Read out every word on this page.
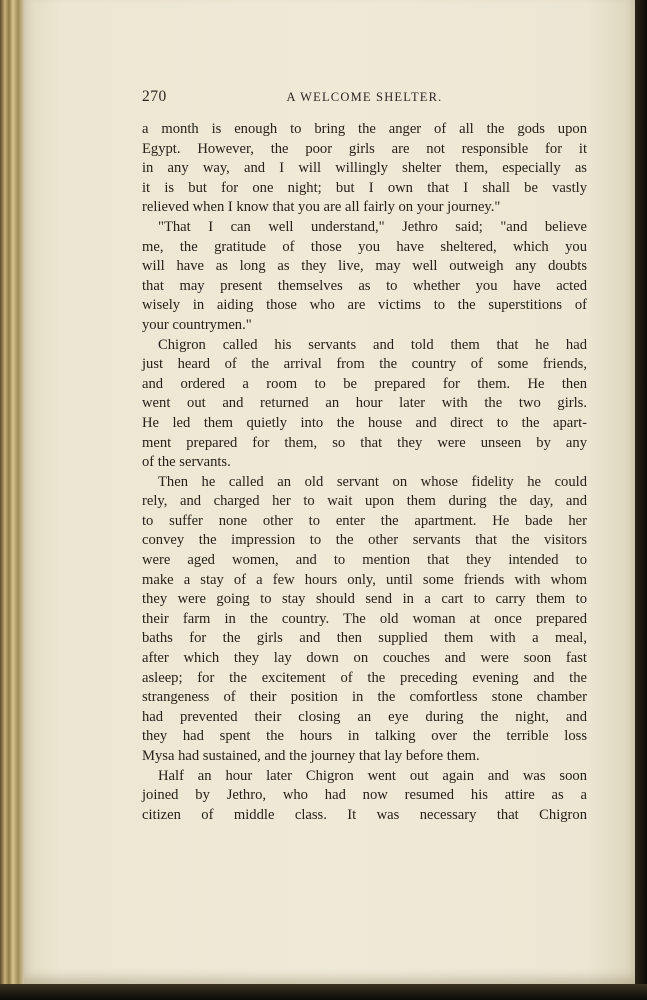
270	A WELCOME SHELTER.
a month is enough to bring the anger of all the gods upon
Egypt. However, the poor girls are not responsible for it
in any way, and I will willingly shelter them, especially as
it is but for one night; but I own that I shall be vastly
relieved when I know that you are all fairly on your journey."
"That I can well understand," Jethro said; "and believe
me, the gratitude of those you have sheltered, which you
will have as long as they live, may well outweigh any doubts
that may present themselves as to whether you have acted
wisely in aiding those who are victims to the superstitions of
your countrymen."
Chigron called his servants and told them that he had
just heard of the arrival from the country of some friends,
and ordered a room to be prepared for them. He then
went out and returned an hour later with the two girls.
He led them quietly into the house and direct to the apart-
ment prepared for them, so that they were unseen by any
of the servants.
Then he called an old servant on whose fidelity he could
rely, and charged her to wait upon them during the day, and
to suffer none other to enter the apartment. He bade her
convey the impression to the other servants that the visitors
were aged women, and to mention that they intended to
make a stay of a few hours only, until some friends with whom
they were going to stay should send in a cart to carry them to
their farm in the country. The old woman at once prepared
baths for the girls and then supplied them with a meal,
after which they lay down on couches and were soon fast
asleep; for the excitement of the preceding evening and the
strangeness of their position in the comfortless stone chamber
had prevented their closing an eye during the night, and
they had spent the hours in talking over the terrible loss
Mysa had sustained, and the journey that lay before them.
Half an hour later Chigron went out again and was soon
joined by Jethro, who had now resumed his attire as a
citizen of middle class. It was necessary that Chigron
